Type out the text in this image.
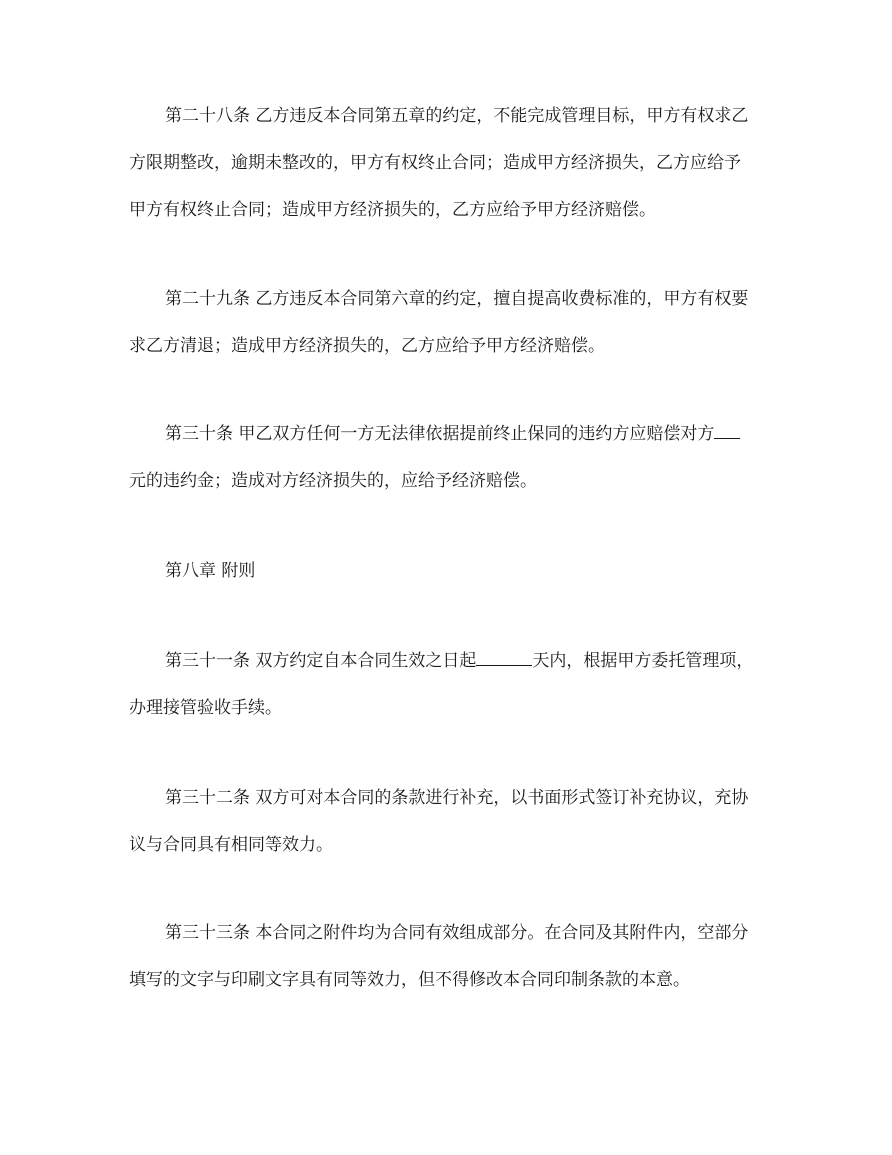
第二十八条 乙方违反本合同第五章的约定，不能完成管理目标，甲方有权求乙
方限期整改，逾期未整改的，甲方有权终止合同；造成甲方经济损失，乙方应给予
甲方有权终止合同；造成甲方经济损失的，乙方应给予甲方经济赔偿。

第二十九条 乙方违反本合同第六章的约定，擅自提高收费标准的，甲方有权要
求乙方清退；造成甲方经济损失的，乙方应给予甲方经济赔偿。

第三十条 甲乙双方任何一方无法律依据提前终止保同的违约方应赔偿对方
元的违约金；造成对方经济损失的，应给予经济赔偿。

第八章 附则

第三十一条 双方约定自本合同生效之日起	天内，根据甲方委托管理项，
办理接管验收手续。

第三十二条 双方可对本合同的条款进行补充，以书面形式签订补充协议，充协
议与合同具有相同等效力。

第三十三条 本合同之附件均为合同有效组成部分。在合同及其附件内，空部分
填写的文字与印刷文字具有同等效力，但不得修改本合同印制条款的本意。
